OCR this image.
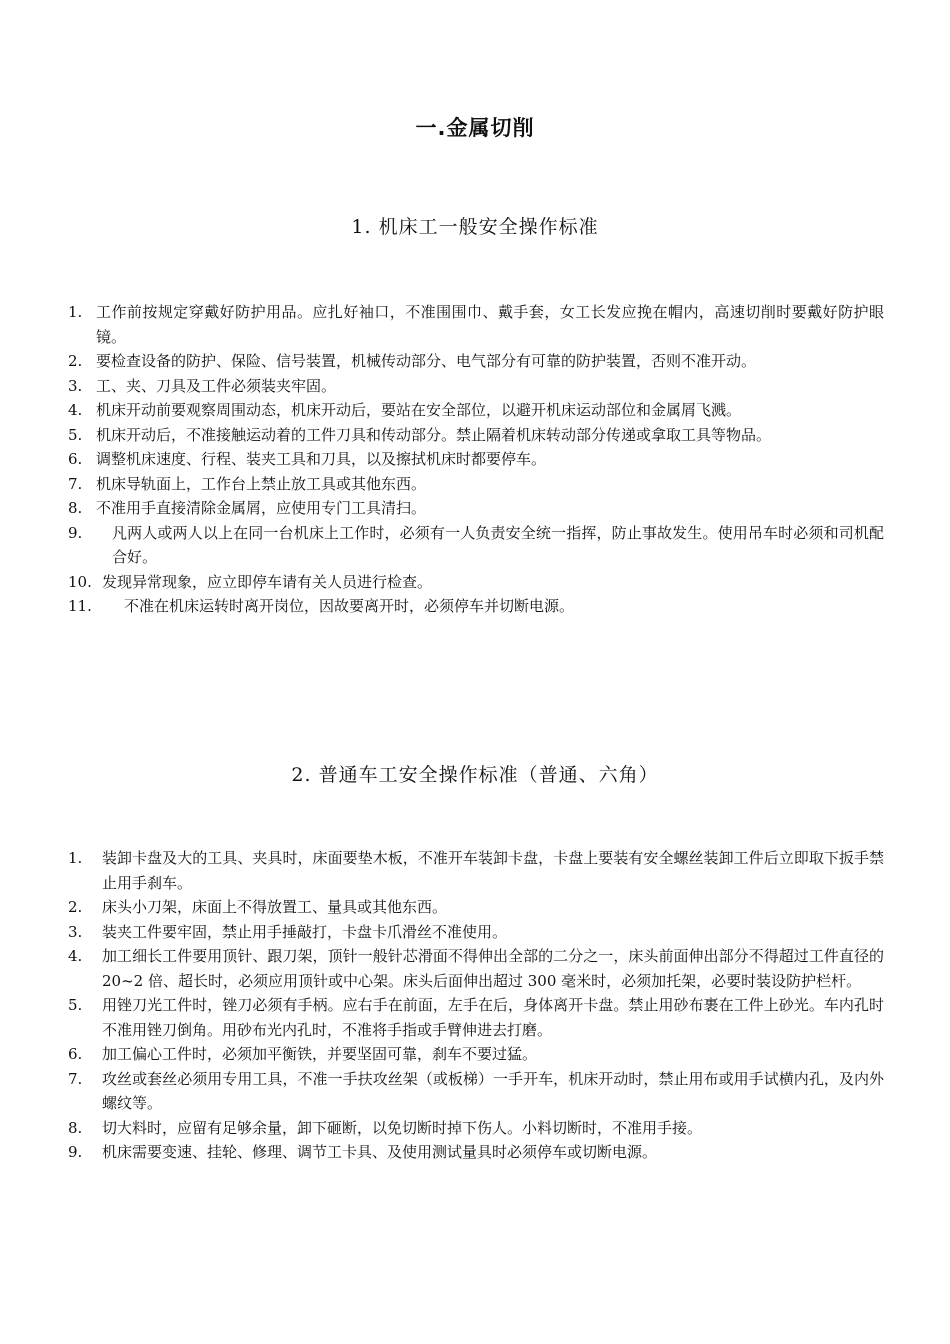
一.金属切削
1. 机床工一般安全操作标准
1. 工作前按规定穿戴好防护用品。应扎好袖口，不准围围巾、戴手套，女工长发应挽在帽内，高速切削时要戴好防护眼镜。
2. 要检查设备的防护、保险、信号装置，机械传动部分、电气部分有可靠的防护装置，否则不准开动。
3. 工、夹、刀具及工件必须装夹牢固。
4. 机床开动前要观察周围动态，机床开动后，要站在安全部位，以避开机床运动部位和金属屑飞溅。
5. 机床开动后，不准接触运动着的工件刀具和传动部分。禁止隔着机床转动部分传递或拿取工具等物品。
6. 调整机床速度、行程、装夹工具和刀具，以及擦拭机床时都要停车。
7. 机床导轨面上，工作台上禁止放工具或其他东西。
8. 不准用手直接清除金属屑，应使用专门工具清扫。
9.	凡两人或两人以上在同一台机床上工作时，必须有一人负责安全统一指挥，防止事故发生。使用吊车时必须和司机配合好。
10. 发现异常现象，应立即停车请有关人员进行检查。
11.	不准在机床运转时离开岗位，因故要离开时，必须停车并切断电源。
2. 普通车工安全操作标准（普通、六角）
1.	装卸卡盘及大的工具、夹具时，床面要垫木板，不准开车装卸卡盘，卡盘上要装有安全螺丝装卸工件后立即取下扳手禁止用手刹车。
2.	床头小刀架，床面上不得放置工、量具或其他东西。
3.	装夹工件要牢固，禁止用手捶敲打，卡盘卡爪滑丝不准使用。
4.	加工细长工件要用顶针、跟刀架，顶针一般针芯滑面不得伸出全部的二分之一，床头前面伸出部分不得超过工件直径的 20~2 倍、超长时，必须应用顶针或中心架。床头后面伸出超过 300 毫米时，必须加托架，必要时装设防护栏杆。
5.	用锉刀光工件时，锉刀必须有手柄。应右手在前面，左手在后，身体离开卡盘。禁止用砂布裹在工件上砂光。车内孔时不准用锉刀倒角。用砂布光内孔时，不准将手指或手臂伸进去打磨。
6.	加工偏心工件时，必须加平衡铁，并要坚固可靠，刹车不要过猛。
7.	攻丝或套丝必须用专用工具，不准一手扶攻丝架（或板梯）一手开车，机床开动时，禁止用布或用手试横内孔，及内外螺纹等。
8.	切大料时，应留有足够余量，卸下砸断，以免切断时掉下伤人。小料切断时，不准用手接。
9.	机床需要变速、挂轮、修理、调节工卡具、及使用测试量具时必须停车或切断电源。
